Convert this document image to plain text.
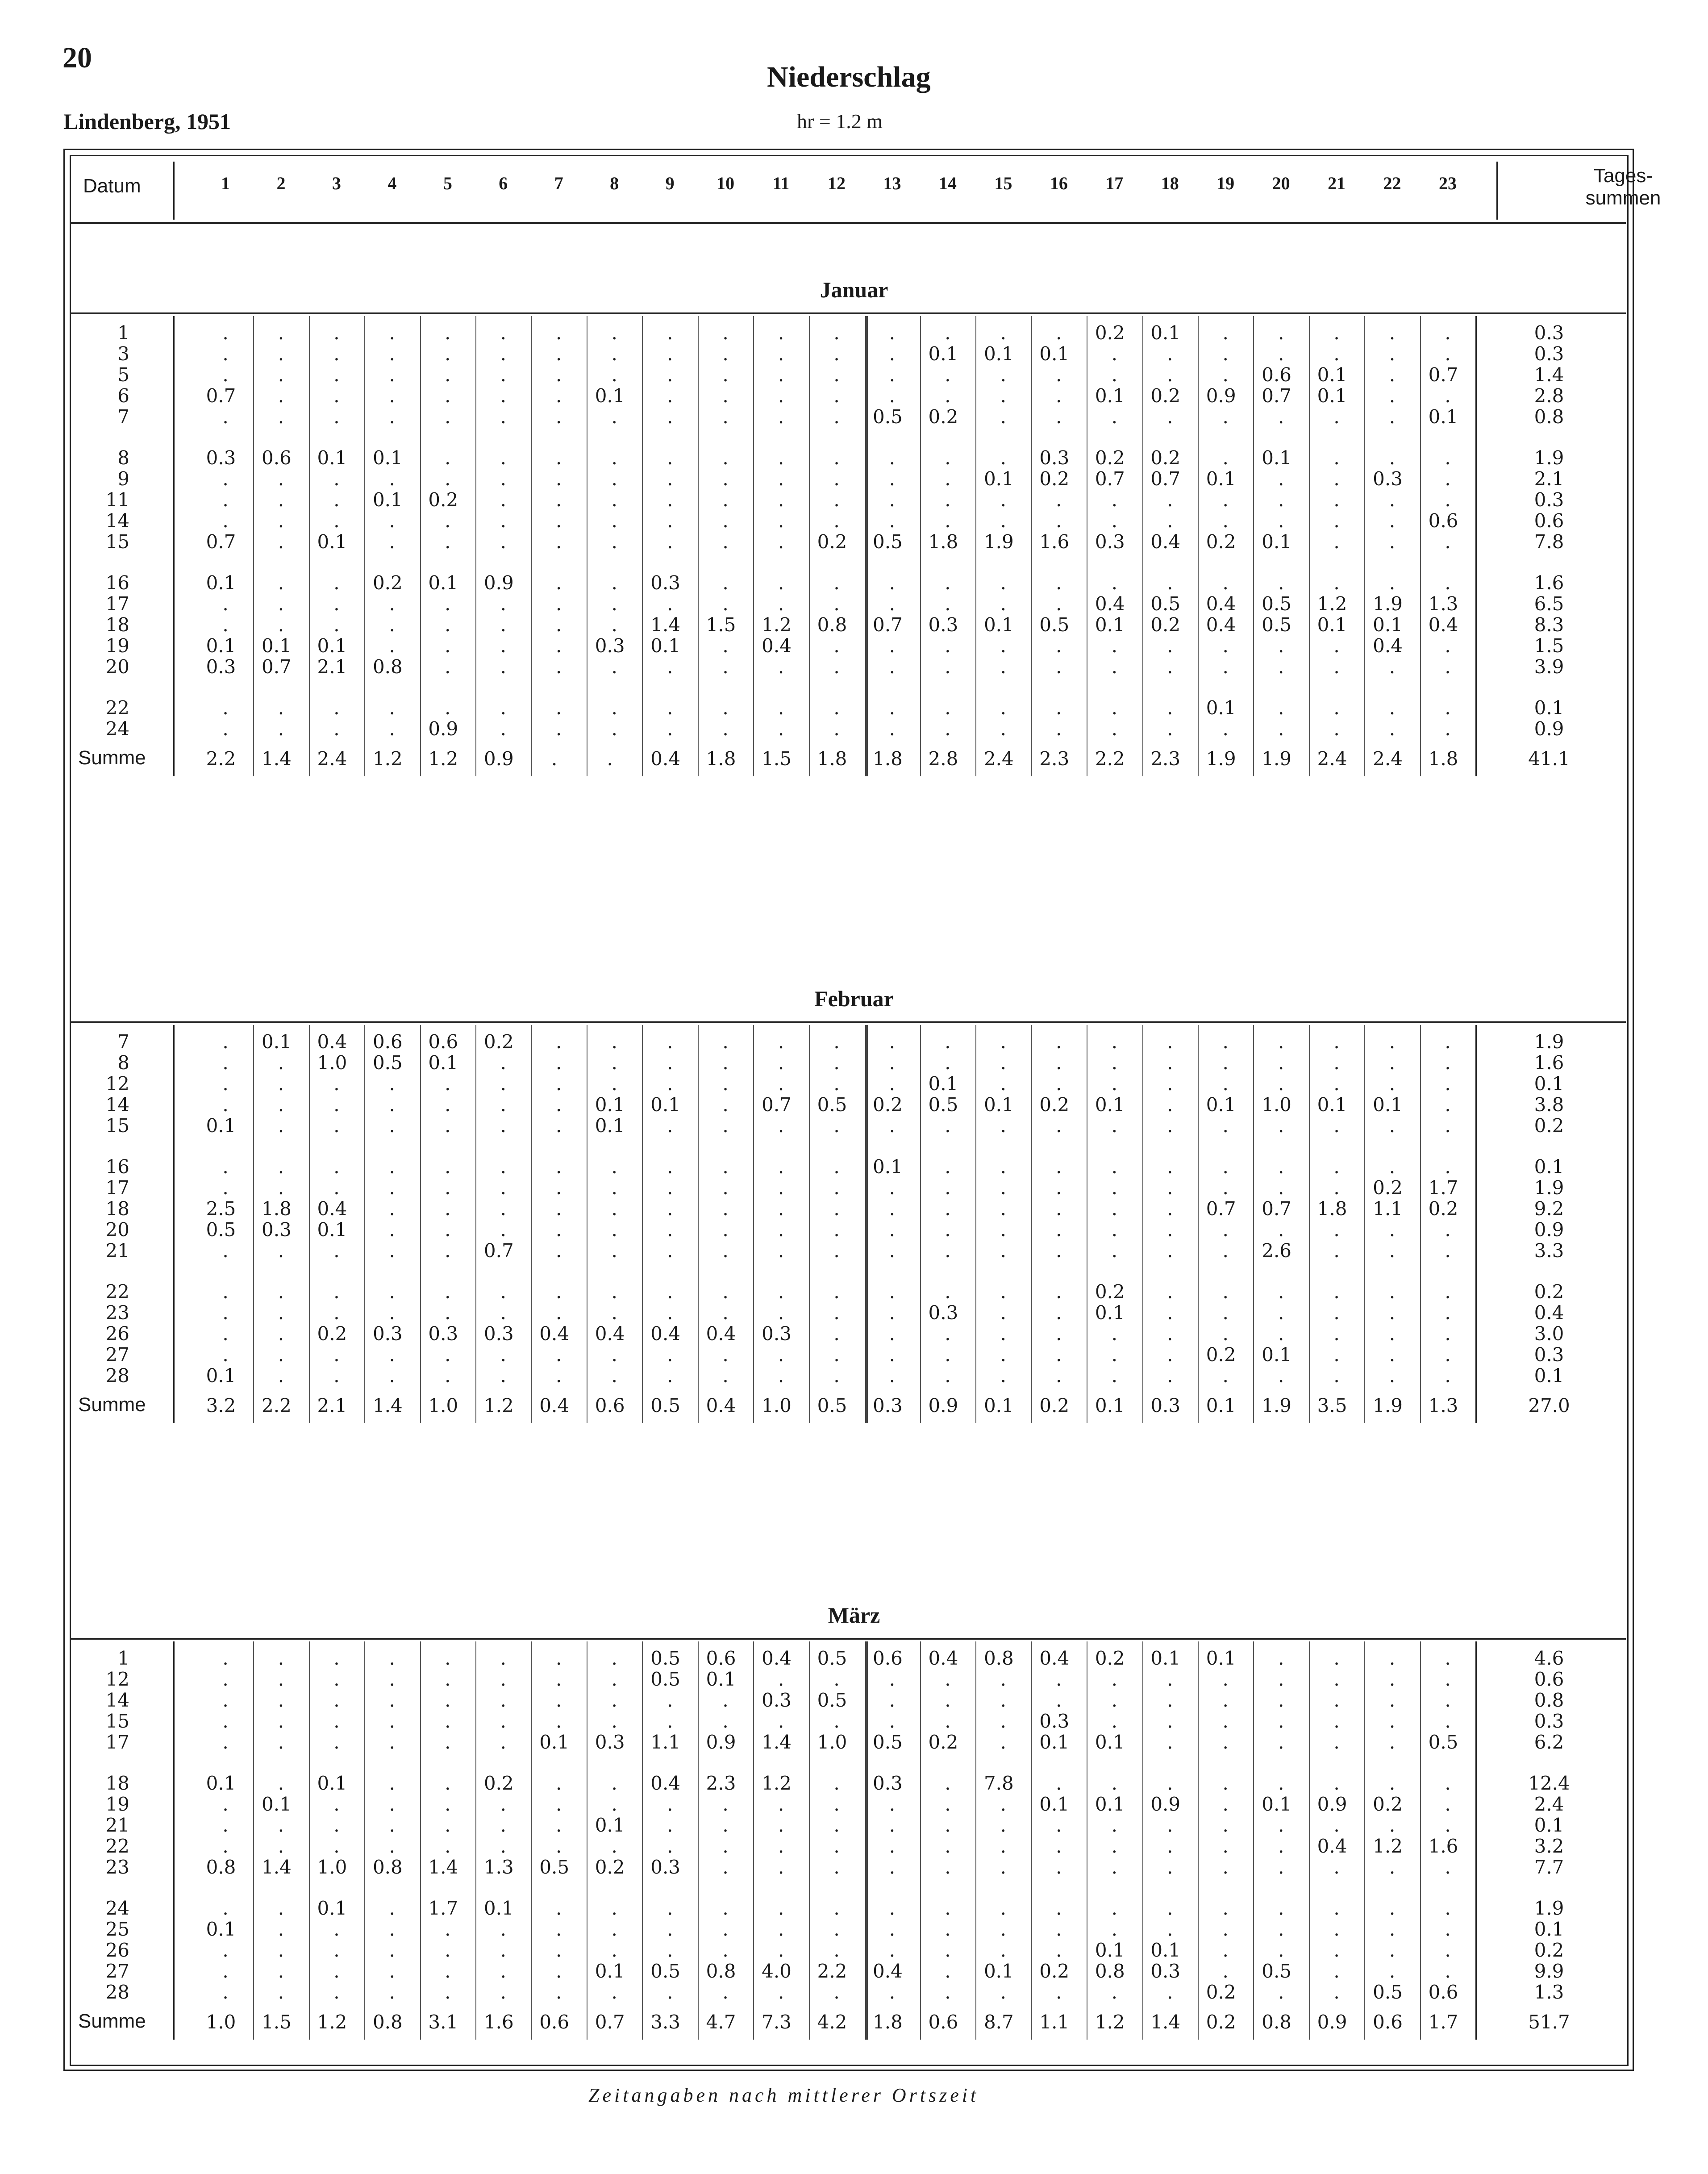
20
Niederschlag
Lindenberg, 1951	hr = 1.2 m
Datum	1	2	3	4	5	6	7	8	9 10 11 12 13 14 15 16 17 18 19 20 21 22 23	Tages-
summen
Januar
1	.	.	.	.	.	.	.	.	.	.	.	.	.	.	.	. 0.2 0.1 .	.	.	.	.	0.3
3	.	.	.	.	.	.	.	.	.	.	.	.	. 0.1 0.1 0.1 .	.	.	.	.	.	.	0.3
5	.	.	.	.	.	.	.	.	.	.	.	.	.	.	.	.	.	.	. 0.6 0.1 . 0.7	1.4
6	0.7 .	.	.	.	.	. 0.1 .	.	.	.	.	.	.	. 0.1 0.2 0.9 0.7 0.1 .	.	2.8
7	.	.	.	.	.	.	.	.	.	.	.	. 0.5 0.2 .	.	.	.	.	.	.	. 0.1	0.8
8	0.3 0.6 0.1 0.1 .	.	.	.	.	.	.	.	.	.	. 0.3 0.2 0.2 . 0.1 .	.	.	1.9
9	.	.	.	.	.	.	.	.	.	.	.	.	.	. 0.1 0.2 0.7 0.7 0.1 .	. 0.3 .	2.1
11	.	.	. 0.1 0.2 .	.	.	.	.	.	.	.	.	.	.	.	.	.	.	.	.	.	0.3
14	.	.	.	.	.	.	.	.	.	.	.	.	.	.	.	.	.	.	.	.	.	. 0.6	0.6
15	0.7 . 0.1 .	.	.	.	.	.	.	. 0.2 0.5 1.8 1.9 1.6 0.3 0.4 0.2 0.1 .	.	.	7.8
16	0.1 .	. 0.2 0.1 0.9 .	. 0.3 .	.	.	.	.	.	.	.	.	.	.	.	.	.	1.6
17	.	.	.	.	.	.	.	.	.	.	.	.	.	.	.	. 0.4 0.5 0.4 0.5 1.2 1.9 1.3	6.5
18	.	.	.	.	.	.	.	. 1.4 1.5 1.2 0.8 0.7 0.3 0.1 0.5 0.1 0.2 0.4 0.5 0.1 0.1 0.4	8.3
19	0.1 0.1 0.1 .	.	.	. 0.3 0.1 . 0.4 .	.	.	.	.	.	.	.	.	. 0.4 .	1.5
20	0.3 0.7 2.1 0.8 .	.	.	.	.	.	.	.	.	.	.	.	.	.	.	.	.	.	.	3.9
22	.	.	.	.	.	.	.	.	.	.	.	.	.	.	.	.	.	. 0.1 .	.	.	.	0.1
24	.	.	.	. 0.9 .	.	.	.	.	.	.	.	.	.	.	.	.	.	.	.	.	.	0.9
Summe	2.2 1.4 2.4 1.2 1.2 0.9 .	. 0.4 1.8 1.5 1.8 1.8 2.8 2.4 2.3 2.2 2.3 1.9 1.9 2.4 2.4 1.8	41.1
Februar
7	. 0.1 0.4 0.6 0.6 0.2 .	.	.	.	.	.	.	.	.	.	.	.	.	.	.	.	.	1.9
8	.	. 1.0 0.5 0.1 .	.	.	.	.	.	.	.	.	.	.	.	.	.	.	.	.	.	1.6
12	.	.	.	.	.	.	.	.	.	.	.	.	. 0.1 .	.	.	.	.	.	.	.	.	0.1
14	.	.	.	.	.	.	. 0.1 0.1 . 0.7 0.5 0.2 0.5 0.1 0.2 0.1 . 0.1 1.0 0.1 0.1 .	3.8
15	0.1 .	.	.	.	.	. 0.1 .	.	.	.	.	.	.	.	.	.	.	.	.	.	.	0.2
16	.	.	.	.	.	.	.	.	.	.	.	. 0.1 .	.	.	.	.	.	.	.	.	.	0.1
17	.	.	.	.	.	.	.	.	.	.	.	.	.	.	.	.	.	.	.	.	. 0.2 1.7	1.9
18	2.5 1.8 0.4 .	.	.	.	.	.	.	.	.	.	.	.	.	.	. 0.7 0.7 1.8 1.1 0.2	9.2
20	0.5 0.3 0.1 .	.	.	.	.	.	.	.	.	.	.	.	.	.	.	.	.	.	.	.	0.9
21	.	.	.	.	. 0.7 .	.	.	.	.	.	.	.	.	.	.	.	. 2.6 .	.	.	3.3
22	.	.	.	.	.	.	.	.	.	.	.	.	.	.	.	. 0.2 .	.	.	.	.	.	0.2
23	.	.	.	.	.	.	.	.	.	.	.	.	. 0.3 .	. 0.1 .	.	.	.	.	.	0.4
26	.	. 0.2 0.3 0.3 0.3 0.4 0.4 0.4 0.4 0.3 .	.	.	.	.	.	.	.	.	.	.	.	3.0
27	.	.	.	.	.	.	.	.	.	.	.	.	.	.	.	.	.	. 0.2 0.1 .	.	.	0.3
28	0.1 .	.	.	.	.	.	.	.	.	.	.	.	.	.	.	.	.	.	.	.	.	.	0.1
Summe	3.2 2.2 2.1 1.4 1.0 1.2 0.4 0.6 0.5 0.4 1.0 0.5 0.3 0.9 0.1 0.2 0.1 0.3 0.1 1.9 3.5 1.9 1.3	27.0
März
1	.	.	.	.	.	.	.	. 0.5 0.6 0.4 0.5 0.6 0.4 0.8 0.4 0.2 0.1 0.1 .	.	.	.	4.6
12	.	.	.	.	.	.	.	. 0.5 0.1 .	.	.	.	.	.	.	.	.	.	.	.	.	0.6
14	.	.	.	.	.	.	.	.	.	. 0.3 0.5 .	.	.	.	.	.	.	.	.	.	.	0.8
15	.	.	.	.	.	.	.	.	.	.	.	.	.	.	. 0.3 .	.	.	.	.	.	.	0.3
17	.	.	.	.	.	. 0.1 0.3 1.1 0.9 1.4 1.0 0.5 0.2 . 0.1 0.1 .	.	.	.	. 0.5	6.2
18	0.1 . 0.1 .	. 0.2 .	. 0.4 2.3 1.2 . 0.3 . 7.8 .	.	.	.	.	.	.	.	12.4
19	. 0.1 .	.	.	.	.	.	.	.	.	.	.	.	. 0.1 0.1 0.9 . 0.1 0.9 0.2 .	2.4
21	.	.	.	.	.	.	. 0.1 .	.	.	.	.	.	.	.	.	.	.	.	.	.	.	0.1
22	.	.	.	.	.	.	.	.	.	.	.	.	.	.	.	.	.	.	.	. 0.4 1.2 1.6	3.2
23	0.8 1.4 1.0 0.8 1.4 1.3 0.5 0.2 0.3 .	.	.	.	.	.	.	.	.	.	.	.	.	.	7.7
24	.	. 0.1 . 1.7 0.1 .	.	.	.	.	.	.	.	.	.	.	.	.	.	.	.	.	1.9
25	0.1 .	.	.	.	.	.	.	.	.	.	.	.	.	.	.	.	.	.	.	.	.	.	0.1
26	.	.	.	.	.	.	.	.	.	.	.	.	.	.	.	. 0.1 0.1 .	.	.	.	.	0.2
27	.	.	.	.	.	.	. 0.1 0.5 0.8 4.0 2.2 0.4 . 0.1 0.2 0.8 0.3 . 0.5 .	.	.	9.9
28	.	.	.	.	.	.	.	.	.	.	.	.	.	.	.	.	.	. 0.2 .	. 0.5 0.6	1.3
Summe	1.0 1.5 1.2 0.8 3.1 1.6 0.6 0.7 3.3 4.7 7.3 4.2 1.8 0.6 8.7 1.1 1.2 1.4 0.2 0.8 0.9 0.6 1.7	51.7
Zeitangaben nach mittlerer Ortszeit
